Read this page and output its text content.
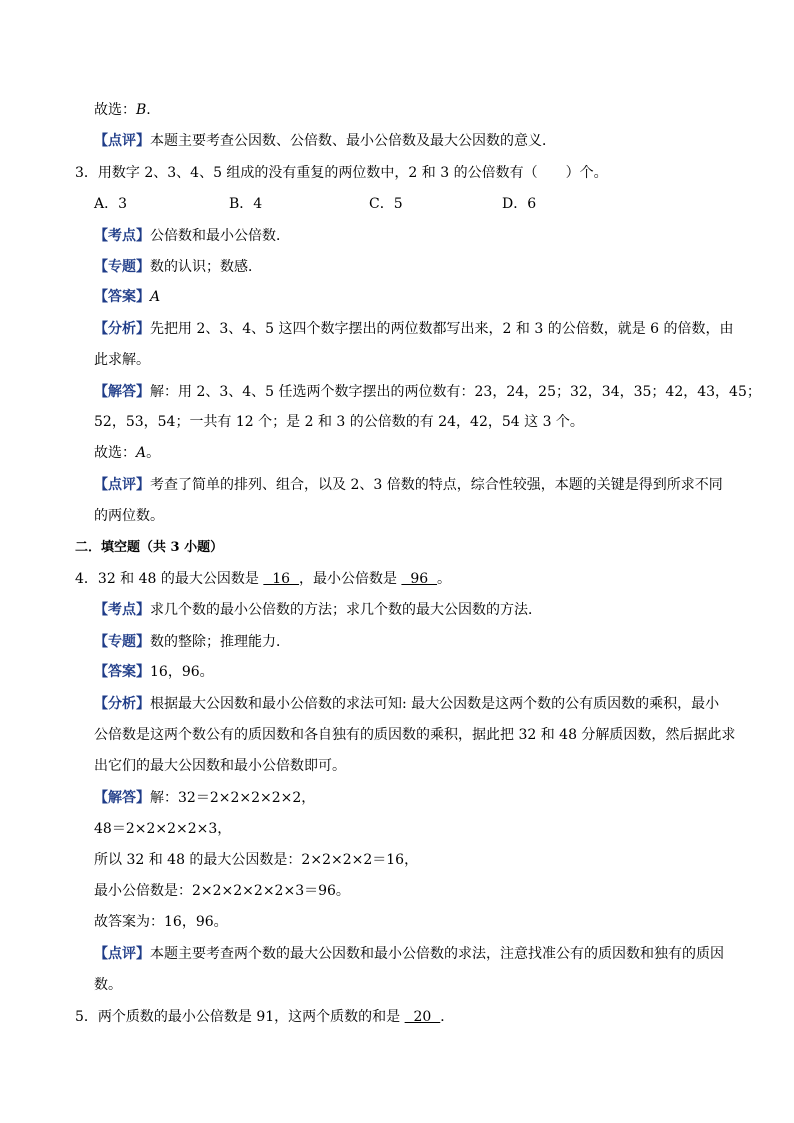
故选：B.
【点评】本题主要考查公因数、公倍数、最小公倍数及最大公因数的意义．
3．用数字 2、3、4、5 组成的没有重复的两位数中，2 和 3 的公倍数有（　　）个。
A．3	B．4	C．5	D．6
【考点】公倍数和最小公倍数．
【专题】数的认识；数感．
【答案】A
【分析】先把用 2、3、4、5 这四个数字摆出的两位数都写出来，2 和 3 的公倍数，就是 6 的倍数，由
此求解。
【解答】解：用 2、3、4、5 任选两个数字摆出的两位数有：23，24，25；32，34，35；42，43，45；
52，53，54；一共有 12 个；是 2 和 3 的公倍数的有 24，42，54 这 3 个。
故选：A。
【点评】考查了简单的排列、组合，以及 2、3 倍数的特点，综合性较强，本题的关键是得到所求不同
的两位数。
二．填空题（共 3 小题）
4．32 和 48 的最大公因数是   16  ，最小公倍数是   96  。
【考点】求几个数的最小公倍数的方法；求几个数的最大公因数的方法．
【专题】数的整除；推理能力．
【答案】16，96。
【分析】根据最大公因数和最小公倍数的求法可知: 最大公因数是这两个数的公有质因数的乘积，最小
公倍数是这两个数公有的质因数和各自独有的质因数的乘积，据此把 32 和 48 分解质因数，然后据此求
出它们的最大公因数和最小公倍数即可。
【解答】解：32＝2×2×2×2×2，
48＝2×2×2×2×3，
所以 32 和 48 的最大公因数是：2×2×2×2＝16，
最小公倍数是：2×2×2×2×2×3＝96。
故答案为：16，96。
【点评】本题主要考查两个数的最大公因数和最小公倍数的求法，注意找准公有的质因数和独有的质因
数。
5．两个质数的最小公倍数是 91，这两个质数的和是   20  ．
